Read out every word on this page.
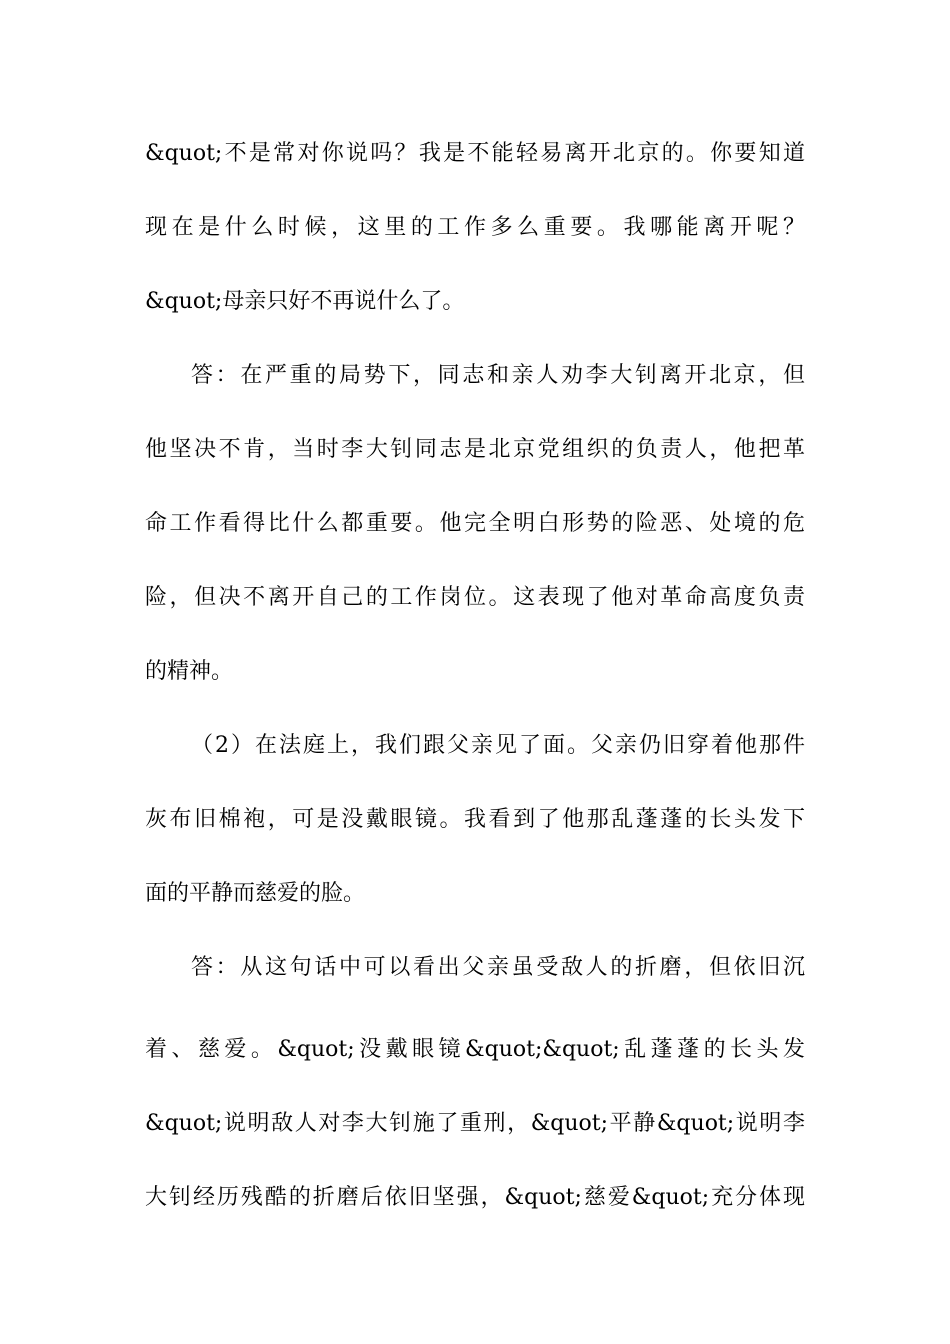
&quot;不是常对你说吗？我是不能轻易离开北京的。你要知道
现在是什么时候，这里的工作多么重要。我哪能离开呢？
&quot;母亲只好不再说什么了。
答：在严重的局势下，同志和亲人劝李大钊离开北京，但
他坚决不肯，当时李大钊同志是北京党组织的负责人，他把革
命工作看得比什么都重要。他完全明白形势的险恶、处境的危
险，但决不离开自己的工作岗位。这表现了他对革命高度负责
的精神。
（2）在法庭上，我们跟父亲见了面。父亲仍旧穿着他那件
灰布旧棉袍，可是没戴眼镜。我看到了他那乱蓬蓬的长头发下
面的平静而慈爱的脸。
答：从这句话中可以看出父亲虽受敌人的折磨，但依旧沉
着、慈爱。&quot;没戴眼镜&quot;&quot;乱蓬蓬的长头发
&quot;说明敌人对李大钊施了重刑，&quot;平静&quot;说明李
大钊经历残酷的折磨后依旧坚强，&quot;慈爱&quot;充分体现
